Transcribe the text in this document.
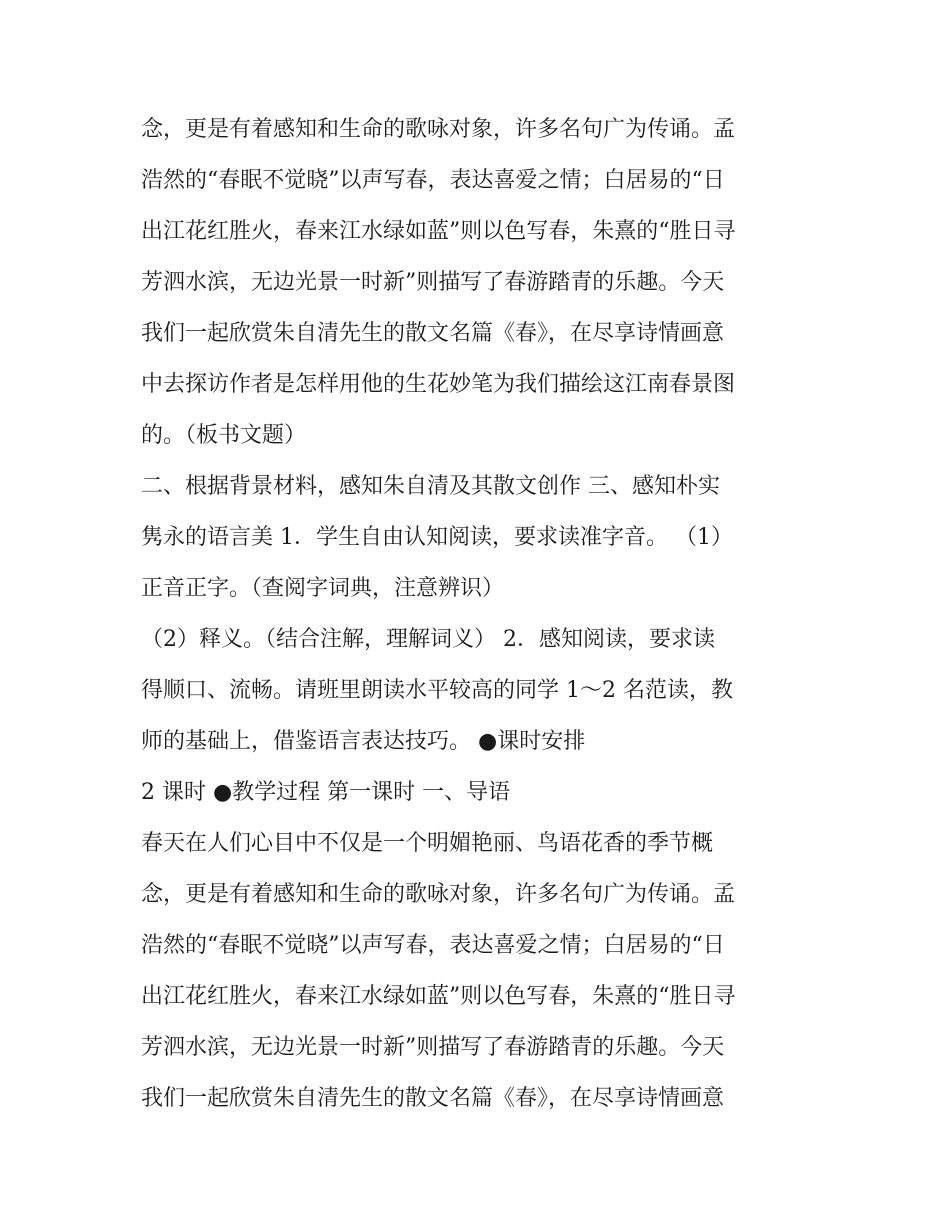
念，更是有着感知和生命的歌咏对象，许多名句广为传诵。孟
浩然的“春眠不觉晓”以声写春，表达喜爱之情；白居易的“日
出江花红胜火，春来江水绿如蓝”则以色写春，朱熹的“胜日寻
芳泗水滨，无边光景一时新”则描写了春游踏青的乐趣。今天
我们一起欣赏朱自清先生的散文名篇《春》，在尽享诗情画意
中去探访作者是怎样用他的生花妙笔为我们描绘这江南春景图
的。（板书文题）
二、根据背景材料，感知朱自清及其散文创作 三、感知朴实
隽永的语言美 1．学生自由认知阅读，要求读准字音。 （1）
正音正字。（查阅字词典，注意辨识）
（2）释义。（结合注解，理解词义） 2．感知阅读，要求读
得顺口、流畅。请班里朗读水平较高的同学 1～2 名范读，教
师的基础上，借鉴语言表达技巧。 ●课时安排
2 课时 ●教学过程 第一课时 一、导语
春天在人们心目中不仅是一个明媚艳丽、鸟语花香的季节概
念，更是有着感知和生命的歌咏对象，许多名句广为传诵。孟
浩然的“春眠不觉晓”以声写春，表达喜爱之情；白居易的“日
出江花红胜火，春来江水绿如蓝”则以色写春，朱熹的“胜日寻
芳泗水滨，无边光景一时新”则描写了春游踏青的乐趣。今天
我们一起欣赏朱自清先生的散文名篇《春》，在尽享诗情画意
